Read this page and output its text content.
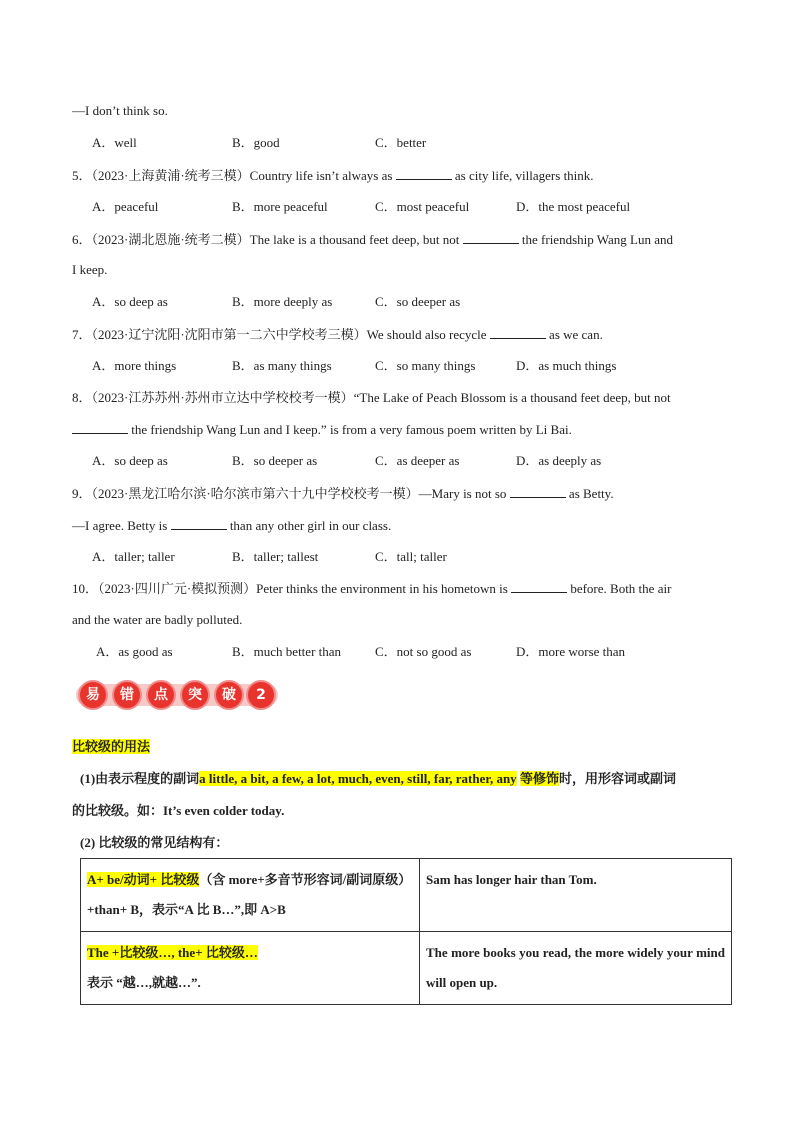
—I don’t think so.
A．well	B．good	C．better
5．（2023·上海黄浦·统考三模）Country life isn’t always as	as city life, villagers think.
A．peaceful	B．more peaceful	C．most peaceful	D．the most peaceful
6．（2023·湖北恩施·统考二模）The lake is a thousand feet deep, but not	the friendship Wang Lun and
I keep.
A．so deep as	B．more deeply as	C．so deeper as
7．（2023·辽宁沈阳·沈阳市第一二六中学校考三模）We should also recycle	as we can.
A．more things	B．as many things	C．so many things	D．as much things
8．（2023·江苏苏州·苏州市立达中学校校考一模）“The Lake of Peach Blossom is a thousand feet deep, but not
the friendship Wang Lun and I keep.” is from a very famous poem written by Li Bai.
A．so deep as	B．so deeper as	C．as deeper as	D．as deeply as
9．（2023·黑龙江哈尔滨·哈尔滨市第六十九中学校校考一模）—Mary is not so	as Betty.
—I agree. Betty is	than any other girl in our class.
A．taller; taller	B．taller; tallest	C．tall; taller
10．（2023·四川广元·模拟预测）Peter thinks the environment in his hometown is	before. Both the air
and the water are badly polluted.
A．as good as	B．much better than	C．not so good as	D．more worse than
易	错	点	突	破	2
比较级的用法
(1)由表示程度的副词a little, a bit, a few, a lot, much, even, still, far, rather, any 等修饰时，用形容词或副词
的比较级。如：It’s even colder today.
(2) 比较级的常见结构有：
A+ be/动词+ 比较级（含 more+多音节形容词/副词原级）+than+ B，表示“A 比 B…”,即 A>B	Sam has longer hair than Tom.
The +比较级…, the+ 比较级…
表示 “越…,就越…”.	The more books you read, the more widely your mind will open up.
